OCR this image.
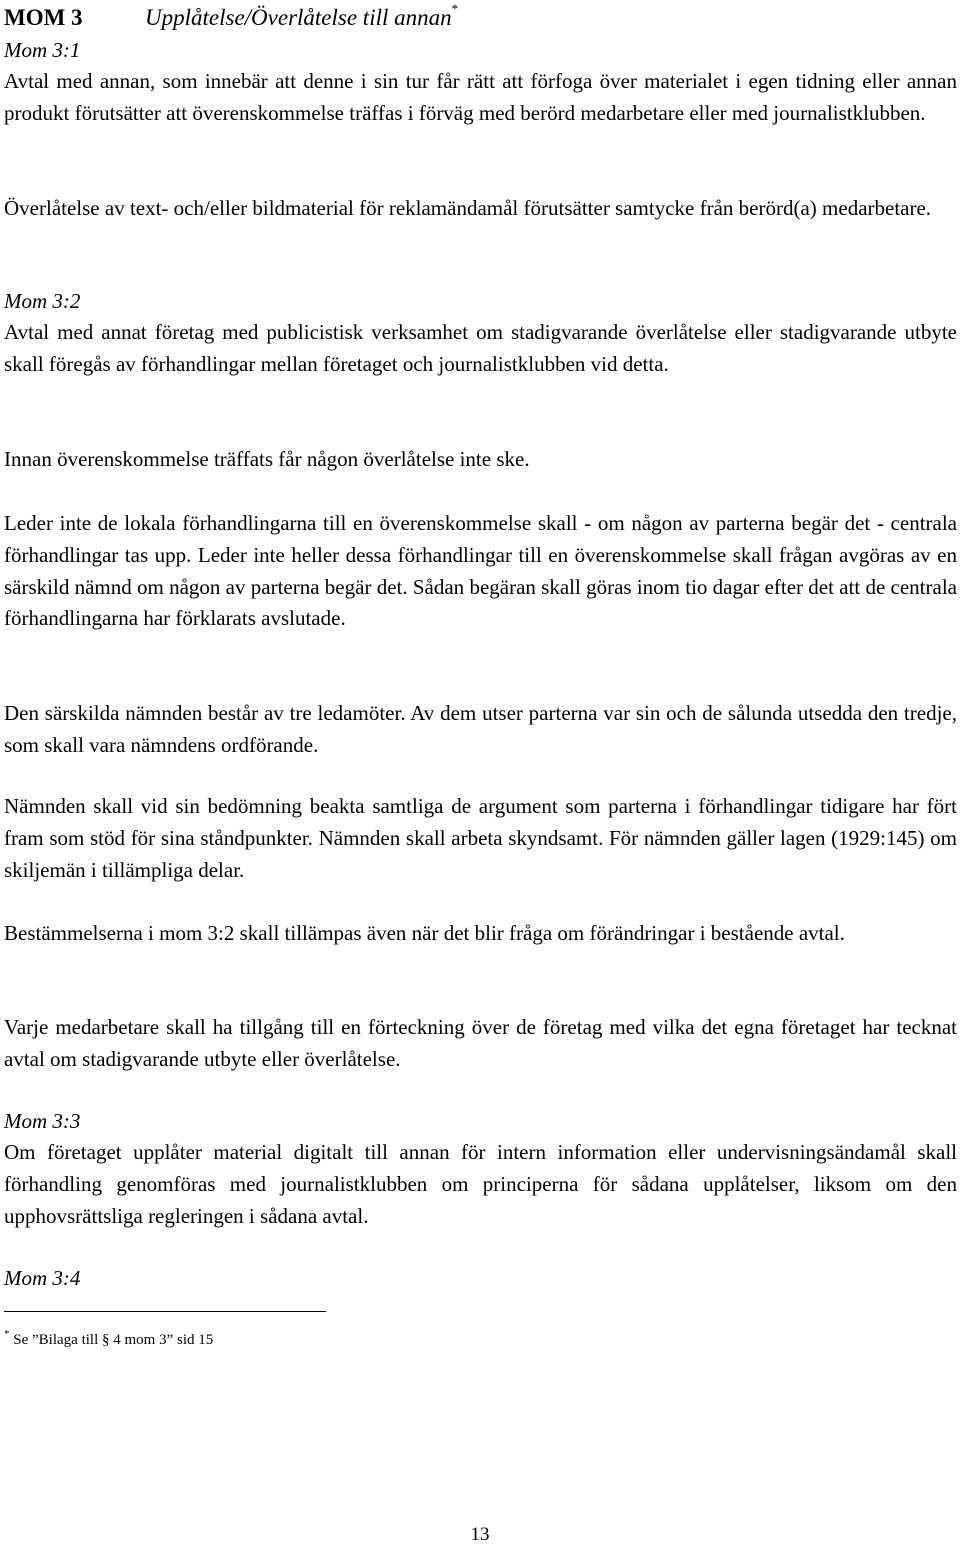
MOM 3	Upplåtelse/Överlåtelse till annan*
Mom 3:1

Avtal med annan, som innebär att denne i sin tur får rätt att förfoga över materialet i egen tidning eller annan produkt förutsätter att överenskommelse träffas i förväg med berörd medarbetare eller med journalistklubben.

Överlåtelse av text- och/eller bildmaterial för reklamändamål förutsätter samtycke från berörd(a) medarbetare.

Mom 3:2

Avtal med annat företag med publicistisk verksamhet om stadigvarande överlåtelse eller stadigvarande utbyte skall föregås av förhandlingar mellan företaget och journalistklubben vid detta.

Innan överenskommelse träffats får någon överlåtelse inte ske.

Leder inte de lokala förhandlingarna till en överenskommelse skall - om någon av parterna begär det - centrala förhandlingar tas upp. Leder inte heller dessa förhandlingar till en överenskommelse skall frågan avgöras av en särskild nämnd om någon av parterna begär det. Sådan begäran skall göras inom tio dagar efter det att de centrala förhandlingarna har förklarats avslutade.

Den särskilda nämnden består av tre ledamöter. Av dem utser parterna var sin och de sålunda utsedda den tredje, som skall vara nämndens ordförande.

Nämnden skall vid sin bedömning beakta samtliga de argument som parterna i förhandlingar tidigare har fört fram som stöd för sina ståndpunkter. Nämnden skall arbeta skyndsamt. För nämnden gäller lagen (1929:145) om skiljemän i tillämpliga delar.

Bestämmelserna i mom 3:2 skall tillämpas även när det blir fråga om förändringar i bestående avtal.

Varje medarbetare skall ha tillgång till en förteckning över de företag med vilka det egna företaget har tecknat avtal om stadigvarande utbyte eller överlåtelse.

Mom 3:3

Om företaget upplåter material digitalt till annan för intern information eller undervisningsändamål skall förhandling genomföras med journalistklubben om principerna för sådana upplåtelser, liksom om den upphovsrättsliga regleringen i sådana avtal.

Mom 3:4

* Se ”Bilaga till § 4 mom 3” sid 15

13
